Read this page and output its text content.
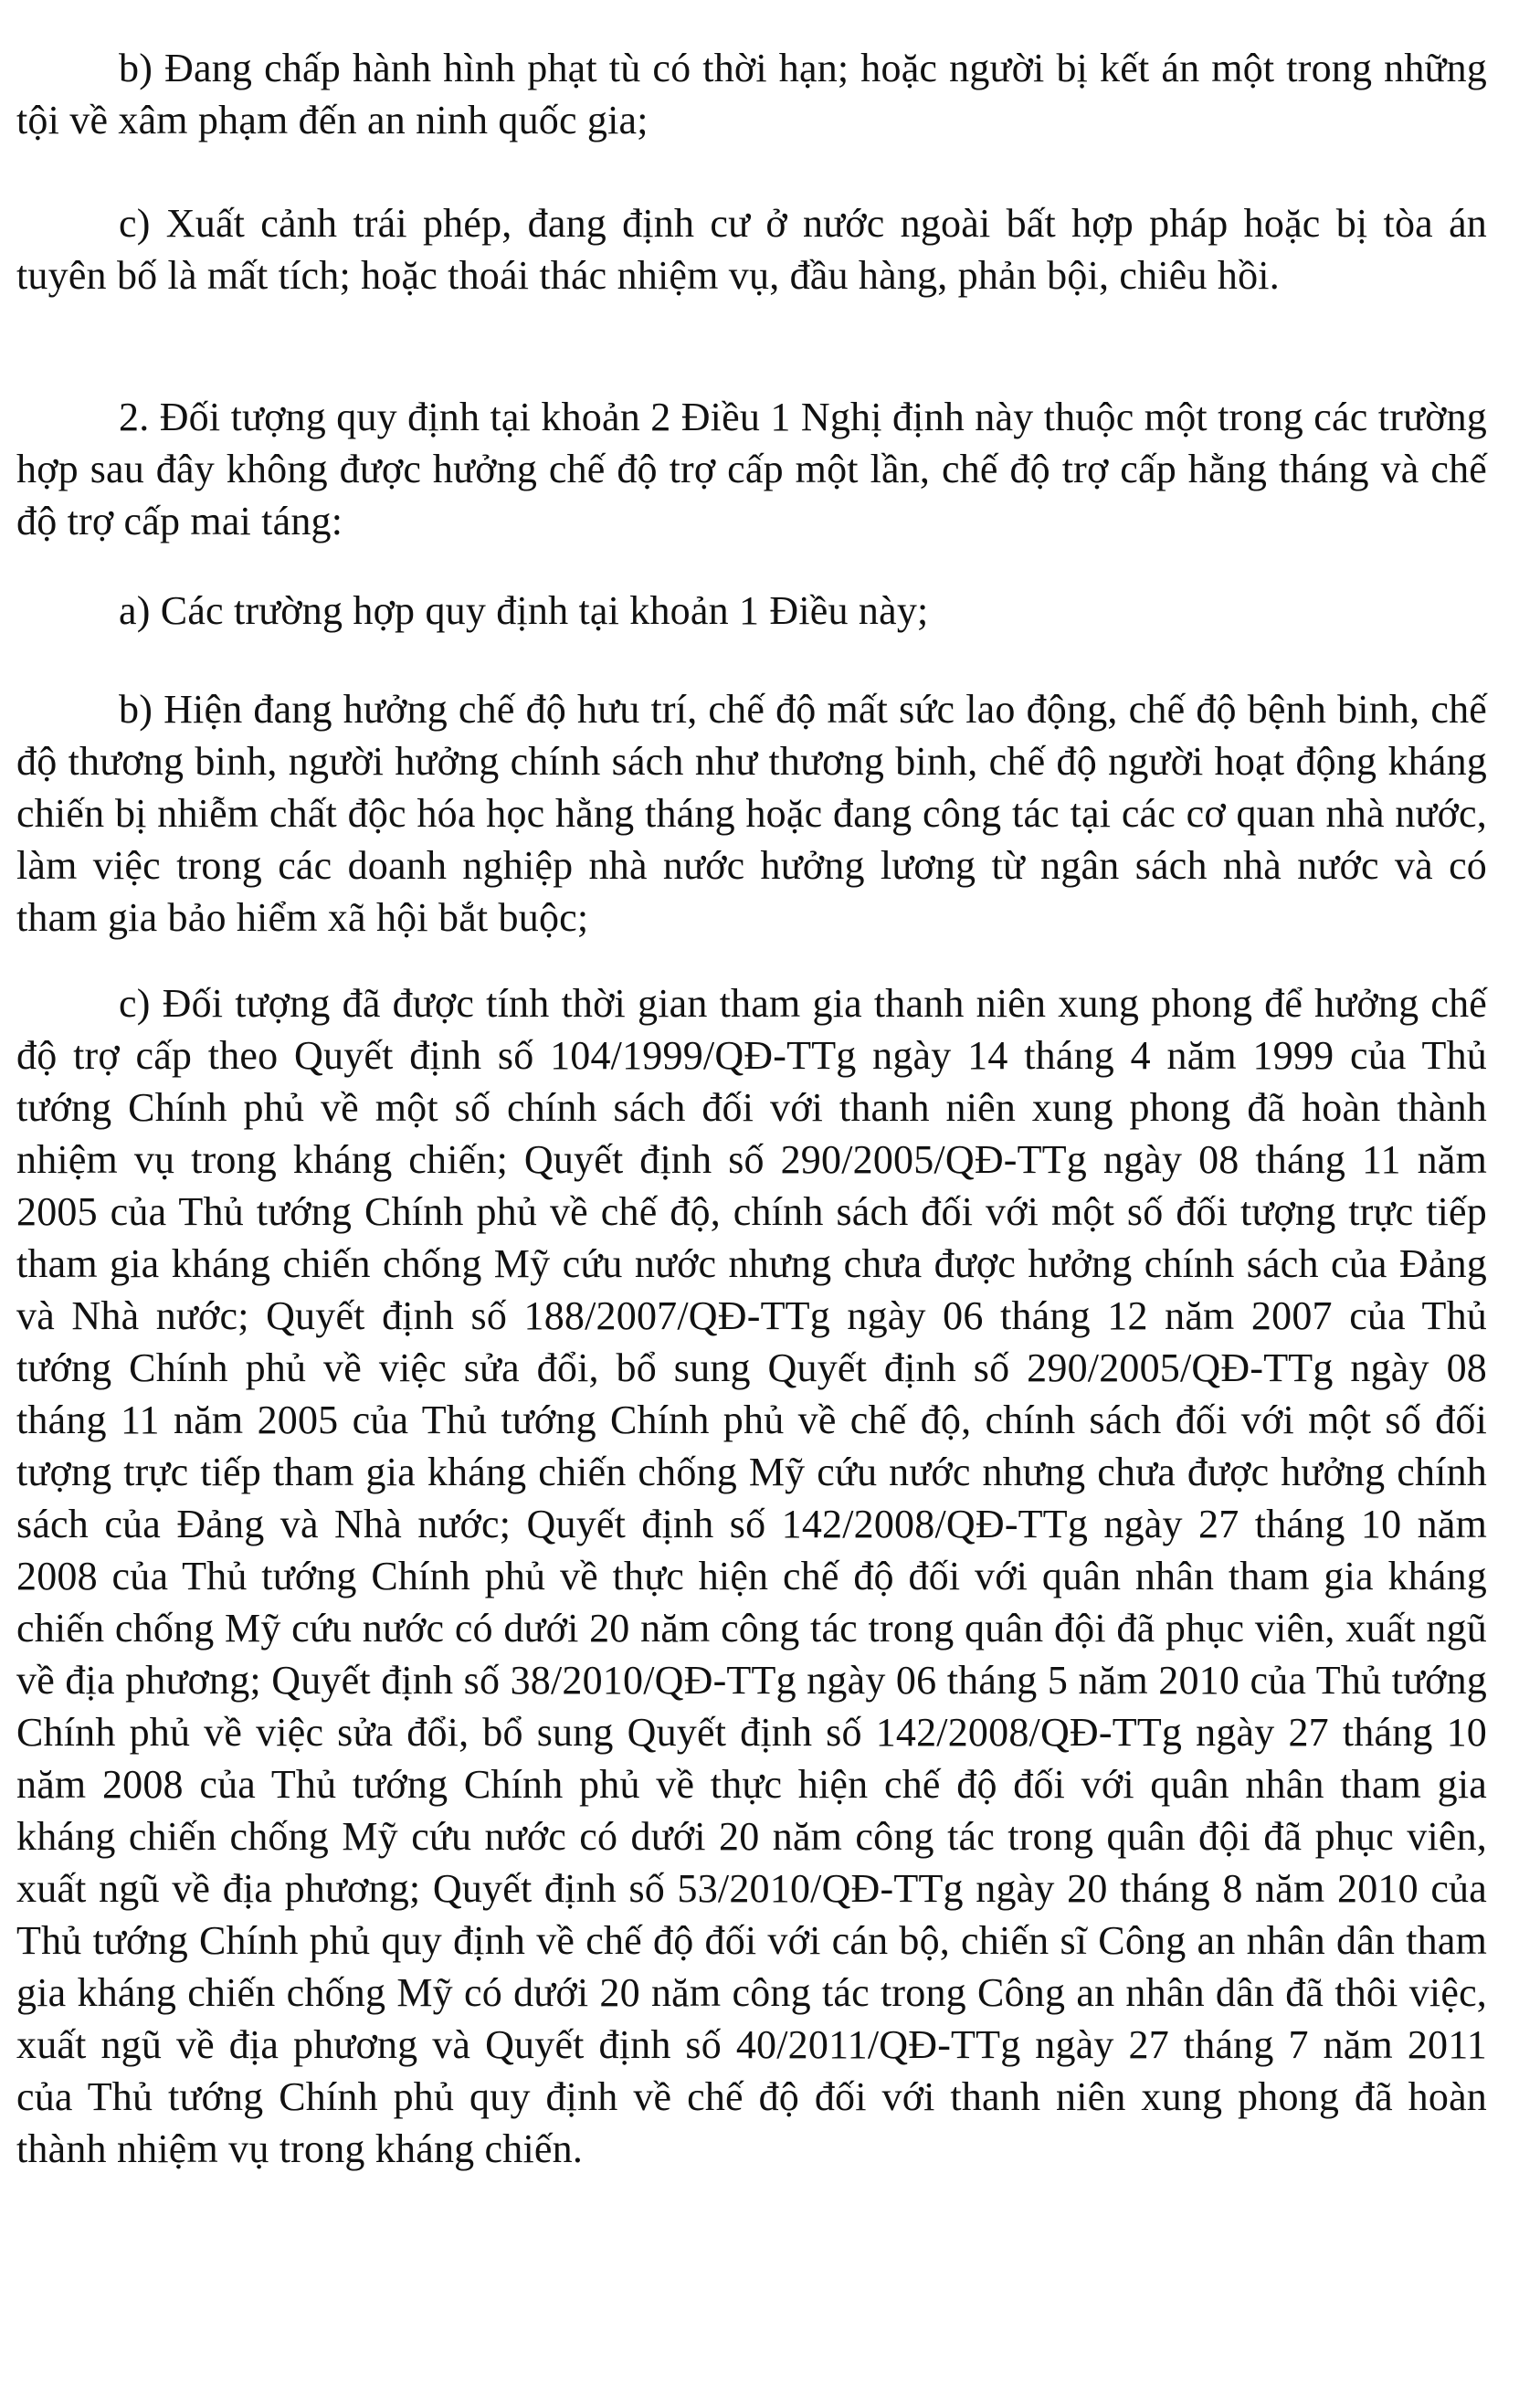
b) Đang chấp hành hình phạt tù có thời hạn; hoặc người bị kết án một trong những tội về xâm phạm đến an ninh quốc gia;

c) Xuất cảnh trái phép, đang định cư ở nước ngoài bất hợp pháp hoặc bị tòa án tuyên bố là mất tích; hoặc thoái thác nhiệm vụ, đầu hàng, phản bội, chiêu hồi.

2. Đối tượng quy định tại khoản 2 Điều 1 Nghị định này thuộc một trong các trường hợp sau đây không được hưởng chế độ trợ cấp một lần, chế độ trợ cấp hằng tháng và chế độ trợ cấp mai táng:

a) Các trường hợp quy định tại khoản 1 Điều này;

b) Hiện đang hưởng chế độ hưu trí, chế độ mất sức lao động, chế độ bệnh binh, chế độ thương binh, người hưởng chính sách như thương binh, chế độ người hoạt động kháng chiến bị nhiễm chất độc hóa học hằng tháng hoặc đang công tác tại các cơ quan nhà nước, làm việc trong các doanh nghiệp nhà nước hưởng lương từ ngân sách nhà nước và có tham gia bảo hiểm xã hội bắt buộc;

c) Đối tượng đã được tính thời gian tham gia thanh niên xung phong để hưởng chế độ trợ cấp theo Quyết định số 104/1999/QĐ-TTg ngày 14 tháng 4 năm 1999 của Thủ tướng Chính phủ về một số chính sách đối với thanh niên xung phong đã hoàn thành nhiệm vụ trong kháng chiến; Quyết định số 290/2005/QĐ-TTg ngày 08 tháng 11 năm 2005 của Thủ tướng Chính phủ về chế độ, chính sách đối với một số đối tượng trực tiếp tham gia kháng chiến chống Mỹ cứu nước nhưng chưa được hưởng chính sách của Đảng và Nhà nước; Quyết định số 188/2007/QĐ-TTg ngày 06 tháng 12 năm 2007 của Thủ tướng Chính phủ về việc sửa đổi, bổ sung Quyết định số 290/2005/QĐ-TTg ngày 08 tháng 11 năm 2005 của Thủ tướng Chính phủ về chế độ, chính sách đối với một số đối tượng trực tiếp tham gia kháng chiến chống Mỹ cứu nước nhưng chưa được hưởng chính sách của Đảng và Nhà nước; Quyết định số 142/2008/QĐ-TTg ngày 27 tháng 10 năm 2008 của Thủ tướng Chính phủ về thực hiện chế độ đối với quân nhân tham gia kháng chiến chống Mỹ cứu nước có dưới 20 năm công tác trong quân đội đã phục viên, xuất ngũ về địa phương; Quyết định số 38/2010/QĐ-TTg ngày 06 tháng 5 năm 2010 của Thủ tướng Chính phủ về việc sửa đổi, bổ sung Quyết định số 142/2008/QĐ-TTg ngày 27 tháng 10 năm 2008 của Thủ tướng Chính phủ về thực hiện chế độ đối với quân nhân tham gia kháng chiến chống Mỹ cứu nước có dưới 20 năm công tác trong quân đội đã phục viên, xuất ngũ về địa phương; Quyết định số 53/2010/QĐ-TTg ngày 20 tháng 8 năm 2010 của Thủ tướng Chính phủ quy định về chế độ đối với cán bộ, chiến sĩ Công an nhân dân tham gia kháng chiến chống Mỹ có dưới 20 năm công tác trong Công an nhân dân đã thôi việc, xuất ngũ về địa phương và Quyết định số 40/2011/QĐ-TTg ngày 27 tháng 7 năm 2011 của Thủ tướng Chính phủ quy định về chế độ đối với thanh niên xung phong đã hoàn thành nhiệm vụ trong kháng chiến.
